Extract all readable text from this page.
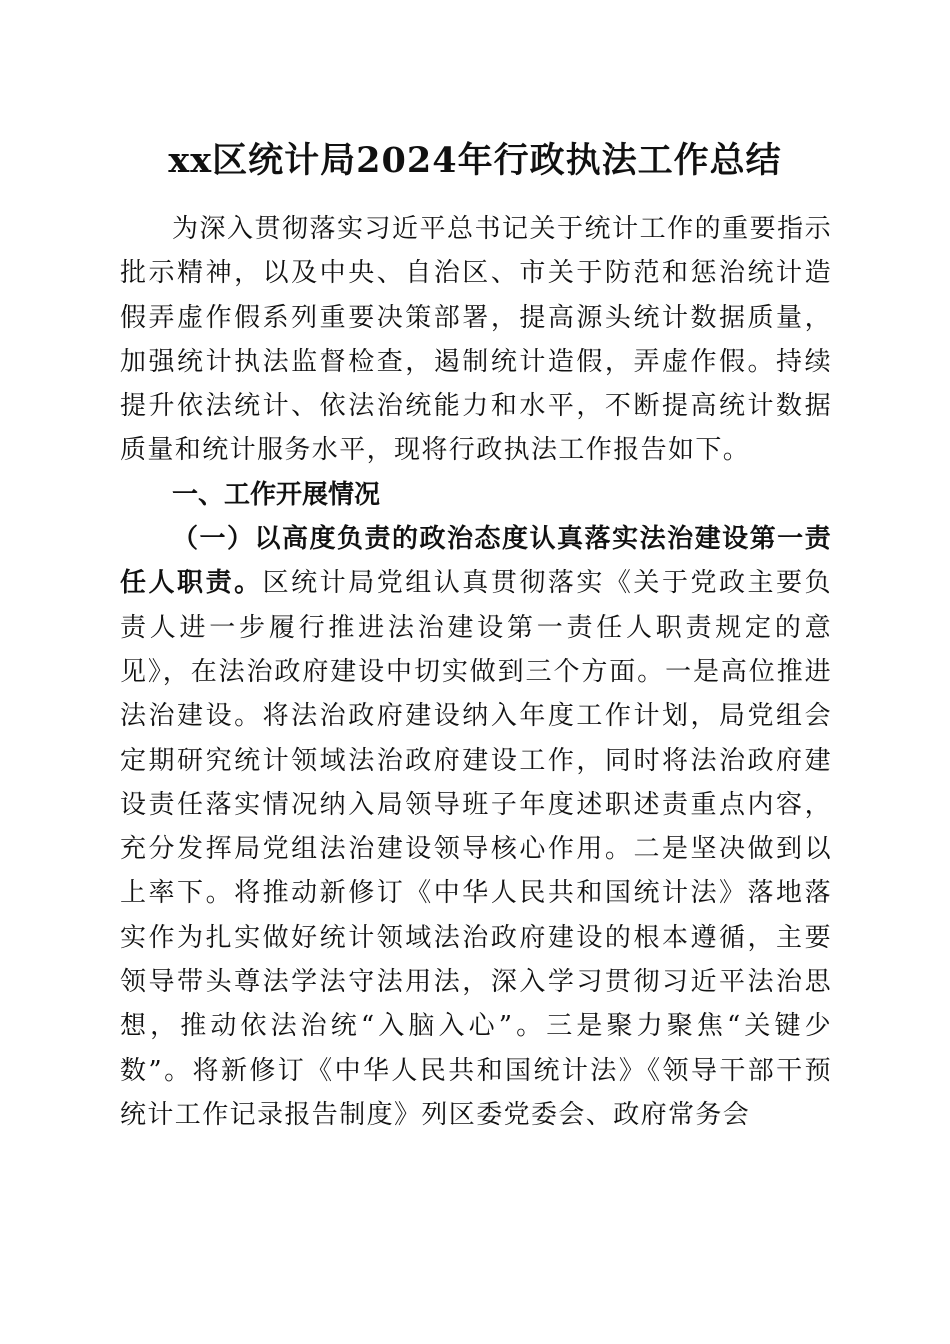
xx区统计局2024年行政执法工作总结

为深入贯彻落实习近平总书记关于统计工作的重要指示批示精神，以及中央、自治区、市关于防范和惩治统计造假弄虚作假系列重要决策部署，提高源头统计数据质量，加强统计执法监督检查，遏制统计造假，弄虚作假。持续提升依法统计、依法治统能力和水平，不断提高统计数据质量和统计服务水平，现将行政执法工作报告如下。

一、工作开展情况

（一）以高度负责的政治态度认真落实法治建设第一责任人职责。区统计局党组认真贯彻落实《关于党政主要负责人进一步履行推进法治建设第一责任人职责规定的意见》，在法治政府建设中切实做到三个方面。一是高位推进法治建设。将法治政府建设纳入年度工作计划，局党组会定期研究统计领域法治政府建设工作，同时将法治政府建设责任落实情况纳入局领导班子年度述职述责重点内容，充分发挥局党组法治建设领导核心作用。二是坚决做到以上率下。将推动新修订《中华人民共和国统计法》落地落实作为扎实做好统计领域法治政府建设的根本遵循，主要领导带头尊法学法守法用法，深入学习贯彻习近平法治思想，推动依法治统“入脑入心”。三是聚力聚焦“关键少数”。将新修订《中华人民共和国统计法》《领导干部干预统计工作记录报告制度》列区委党委会、政府常务会
